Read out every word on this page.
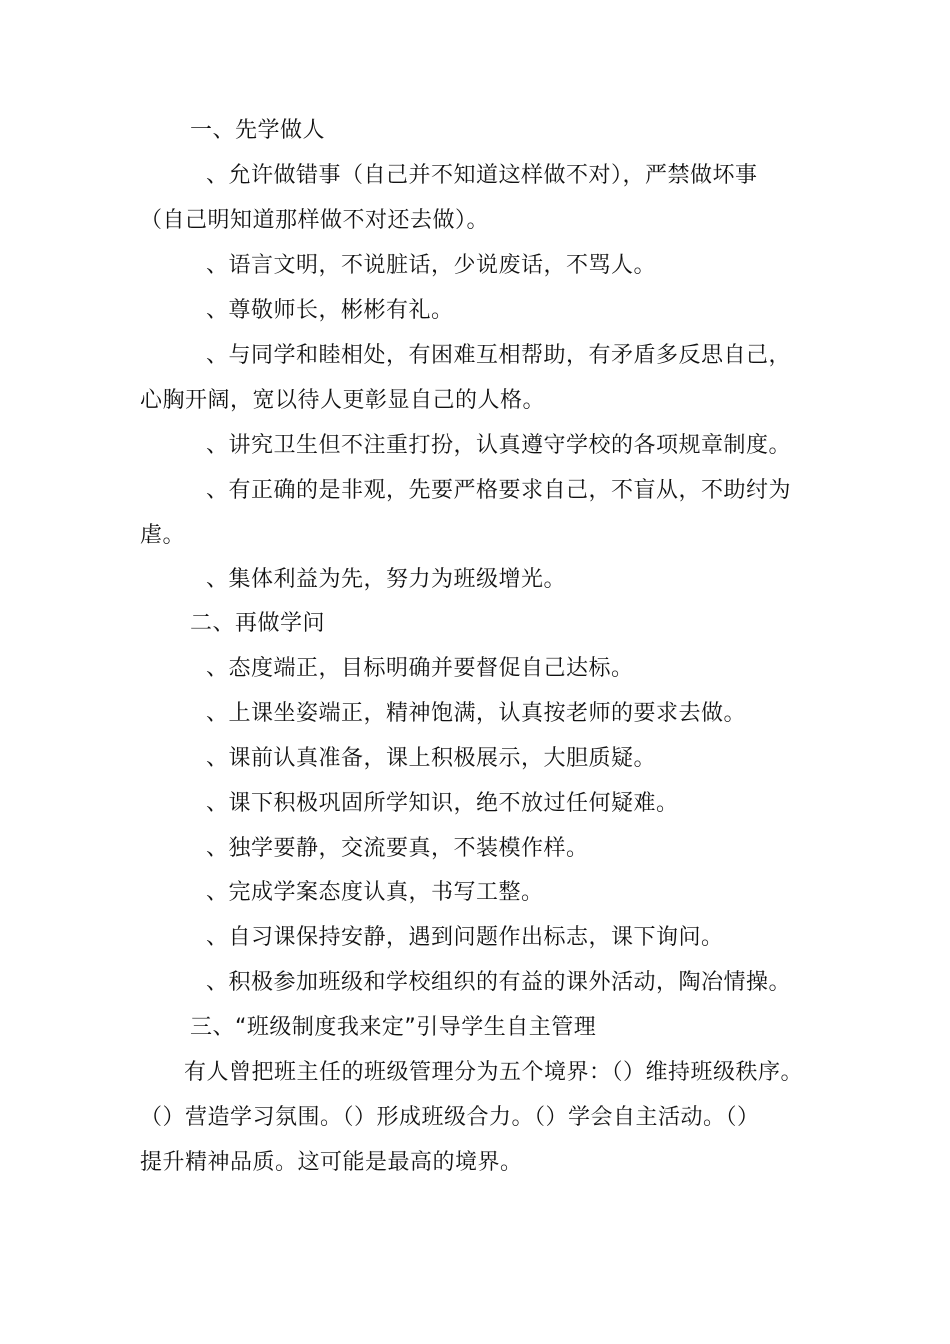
一、先学做人
、允许做错事（自己并不知道这样做不对），严禁做坏事
（自己明知道那样做不对还去做）。
、语言文明，不说脏话，少说废话，不骂人。
、尊敬师长，彬彬有礼。
、与同学和睦相处，有困难互相帮助，有矛盾多反思自己，
心胸开阔，宽以待人更彰显自己的人格。
、讲究卫生但不注重打扮，认真遵守学校的各项规章制度。
、有正确的是非观，先要严格要求自己，不盲从，不助纣为
虐。
、集体利益为先，努力为班级增光。
二、再做学问
、态度端正，目标明确并要督促自己达标。
、上课坐姿端正，精神饱满，认真按老师的要求去做。
、课前认真准备，课上积极展示，大胆质疑。
、课下积极巩固所学知识，绝不放过任何疑难。
、独学要静，交流要真，不装模作样。
、完成学案态度认真，书写工整。
、自习课保持安静，遇到问题作出标志，课下询问。
、积极参加班级和学校组织的有益的课外活动，陶冶情操。
三、“班级制度我来定”引导学生自主管理
有人曾把班主任的班级管理分为五个境界：（）维持班级秩序。
（）营造学习氛围。（）形成班级合力。（）学会自主活动。（）
提升精神品质。这可能是最高的境界。
